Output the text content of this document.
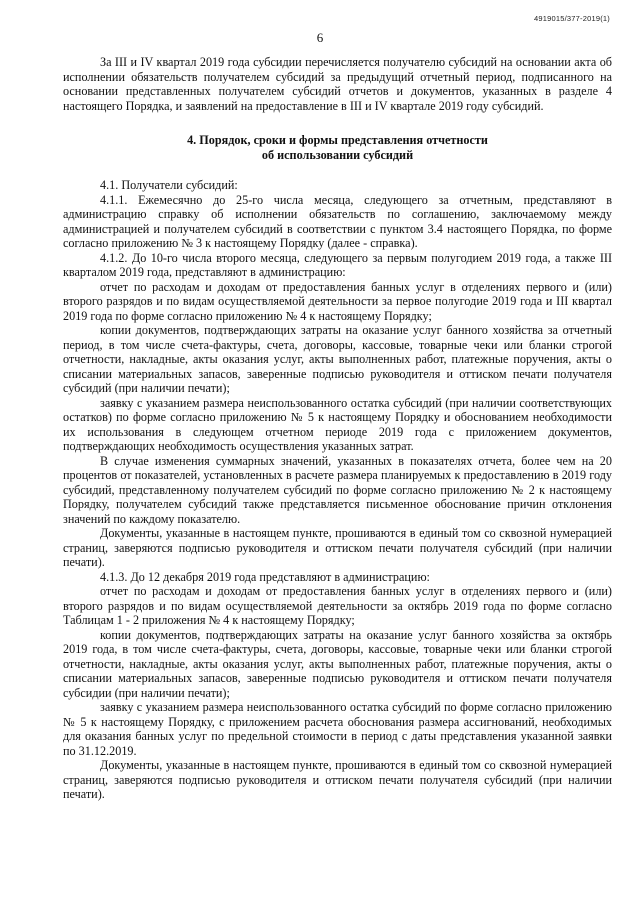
4919015/377-2019(1)
6

За III и IV квартал 2019 года субсидии перечисляется получателю субсидий на основании акта об исполнении обязательств получателем субсидий за предыдущий отчетный период, подписанного на основании представленных получателем субсидий отчетов и документов, указанных в разделе 4 настоящего Порядка, и заявлений на предоставление в III и IV квартале 2019 году субсидий.

4. Порядок, сроки и формы представления отчетности
об использовании субсидий

4.1. Получатели субсидий:

4.1.1. Ежемесячно до 25-го числа месяца, следующего за отчетным, представляют в администрацию справку об исполнении обязательств по соглашению, заключаемому между администрацией и получателем субсидий в соответствии с пунктом 3.4 настоящего Порядка, по форме согласно приложению № 3 к настоящему Порядку (далее - справка).

4.1.2. До 10-го числа второго месяца, следующего за первым полугодием 2019 года, а также III кварталом 2019 года, представляют в администрацию:

отчет по расходам и доходам от предоставления банных услуг в отделениях первого и (или) второго разрядов и по видам осуществляемой деятельности за первое полугодие 2019 года и III квартал 2019 года по форме согласно приложению № 4 к настоящему Порядку;

копии документов, подтверждающих затраты на оказание услуг банного хозяйства за отчетный период, в том числе счета-фактуры, счета, договоры, кассовые, товарные чеки или бланки строгой отчетности, накладные, акты оказания услуг, акты выполненных работ, платежные поручения, акты о списании материальных запасов, заверенные подписью руководителя и оттиском печати получателя субсидий (при наличии печати);

заявку с указанием размера неиспользованного остатка субсидий (при наличии соответствующих остатков) по форме согласно приложению № 5 к настоящему Порядку и обоснованием необходимости их использования в следующем отчетном периоде 2019 года с приложением документов, подтверждающих необходимость осуществления указанных затрат.

В случае изменения суммарных значений, указанных в показателях отчета, более чем на 20 процентов от показателей, установленных в расчете размера планируемых к предоставлению в 2019 году субсидий, представленному получателем субсидий по форме согласно приложению № 2 к настоящему Порядку, получателем субсидий также представляется письменное обоснование причин отклонения значений по каждому показателю.

Документы, указанные в настоящем пункте, прошиваются в единый том со сквозной нумерацией страниц, заверяются подписью руководителя и оттиском печати получателя субсидий (при наличии печати).

4.1.3. До 12 декабря 2019 года представляют в администрацию:

отчет по расходам и доходам от предоставления банных услуг в отделениях первого и (или) второго разрядов и по видам осуществляемой деятельности за октябрь 2019 года по форме согласно Таблицам 1 - 2 приложения № 4 к настоящему Порядку;

копии документов, подтверждающих затраты на оказание услуг банного хозяйства за октябрь 2019 года, в том числе счета-фактуры, счета, договоры, кассовые, товарные чеки или бланки строгой отчетности, накладные, акты оказания услуг, акты выполненных работ, платежные поручения, акты о списании материальных запасов, заверенные подписью руководителя и оттиском печати получателя субсидии (при наличии печати);

заявку с указанием размера неиспользованного остатка субсидий по форме согласно приложению № 5 к настоящему Порядку, с приложением расчета обоснования размера ассигнований, необходимых для оказания банных услуг по предельной стоимости в период с даты представления указанной заявки по 31.12.2019.

Документы, указанные в настоящем пункте, прошиваются в единый том со сквозной нумерацией страниц, заверяются подписью руководителя и оттиском печати получателя субсидий (при наличии печати).
